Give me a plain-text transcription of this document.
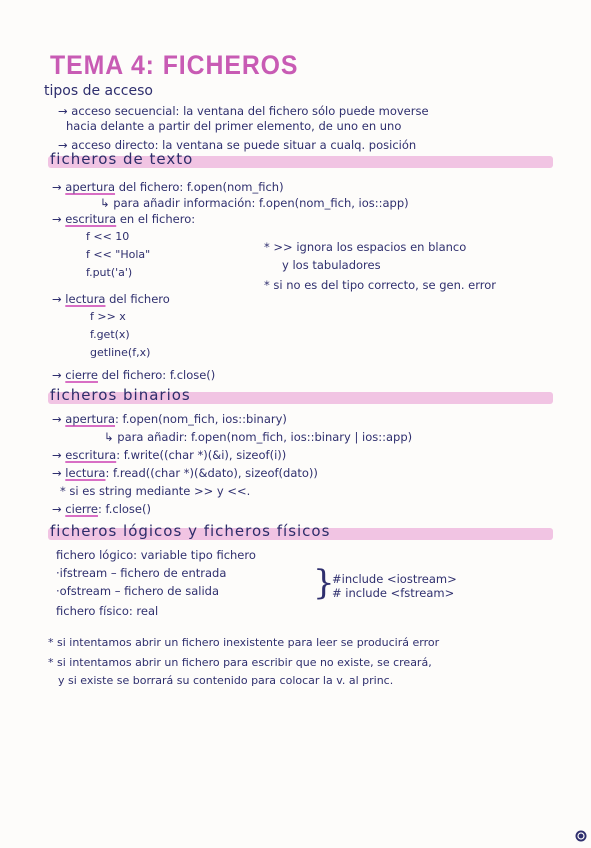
TEMA 4: FICHEROS
tipos de acceso
→ acceso secuencial: la ventana del fichero sólo puede moverse
hacia delante a partir del primer elemento, de uno en uno
→ acceso directo: la ventana se puede situar a cualq. posición
ficheros de texto
→ apertura del fichero: f.open(nom_fich)
↳ para añadir información: f.open(nom_fich, ios::app)
→ escritura en el fichero:
f << 10
f << "Hola"
f.put('a')
* >> ignora los espacios en blanco
y los tabuladores
* si no es del tipo correcto, se gen. error
→ lectura del fichero
f >> x
f.get(x)
getline(f,x)
→ cierre del fichero: f.close()
ficheros binarios
→ apertura: f.open(nom_fich, ios::binary)
↳ para añadir: f.open(nom_fich, ios::binary | ios::app)
→ escritura: f.write((char *)(&i), sizeof(i))
→ lectura: f.read((char *)(&dato), sizeof(dato))
* si es string mediante >> y <<.
→ cierre: f.close()
ficheros lógicos y ficheros físicos
fichero lógico: variable tipo fichero
·ifstream – fichero de entrada
·ofstream – fichero de salida	}
#include <iostream>
# include <fstream>
fichero físico: real
* si intentamos abrir un fichero inexistente para leer se producirá error
* si intentamos abrir un fichero para escribir que no existe, se creará,
y si existe se borrará su contenido para colocar la v. al princ.
